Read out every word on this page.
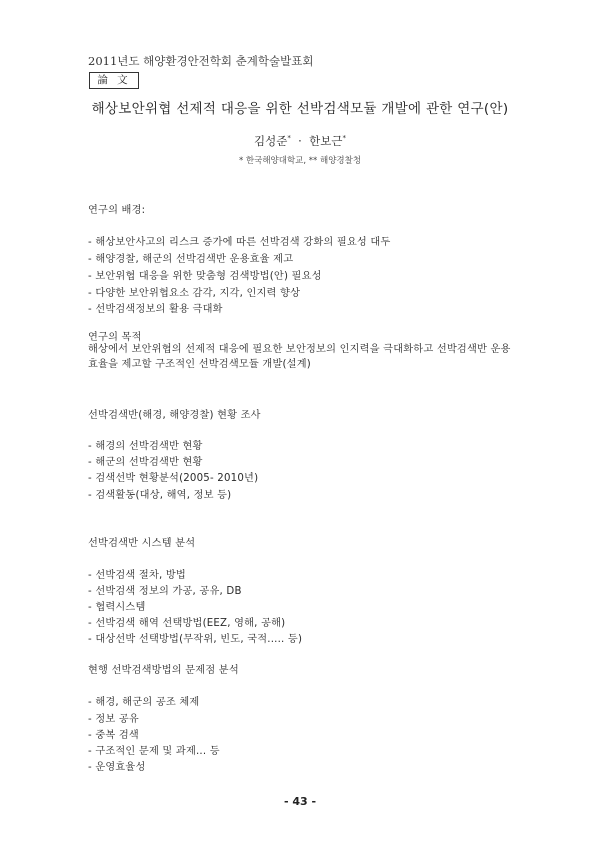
2011년도 해양환경안전학회 춘계학술발표회
論 文
해상보안위협 선제적 대응을 위한 선박검색모듈 개발에 관한 연구(안)
김성준* · 한보근*
* 한국해양대학교, ** 해양경찰청
연구의 배경:
- 해상보안사고의 리스크 증가에 따른 선박검색 강화의 필요성 대두
- 해양경찰, 해군의 선박검색반 운용효율 제고
- 보안위협 대응을 위한 맞춤형 검색방법(안) 필요성
- 다양한 보안위협요소 감각, 지각, 인지력 향상
- 선박검색정보의 활용 극대화
연구의 목적
해상에서 보안위협의 선제적 대응에 필요한 보안정보의 인지력을 극대화하고 선박검색반 운용 효율을 제고할 구조적인 선박검색모듈 개발(설계)
선박검색반(해경, 해양경찰) 현황 조사
- 해경의 선박검색반 현황
- 해군의 선박검색반 현황
- 검색선박 현황분석(2005- 2010년)
- 검색활동(대상, 해역, 정보 등)
선박검색반 시스템 분석
- 선박검색 절차, 방법
- 선박검색 정보의 가공, 공유, DB
- 협력시스템
- 선박검색 해역 선택방법(EEZ, 영해, 공해)
- 대상선박 선택방법(무작위, 빈도, 국적..... 등)
현행 선박검색방법의 문제점 분석
- 해경, 해군의 공조 체제
- 정보 공유
- 중복 검색
- 구조적인 문제 및 과제... 등
- 운영효율성
- 43 -
